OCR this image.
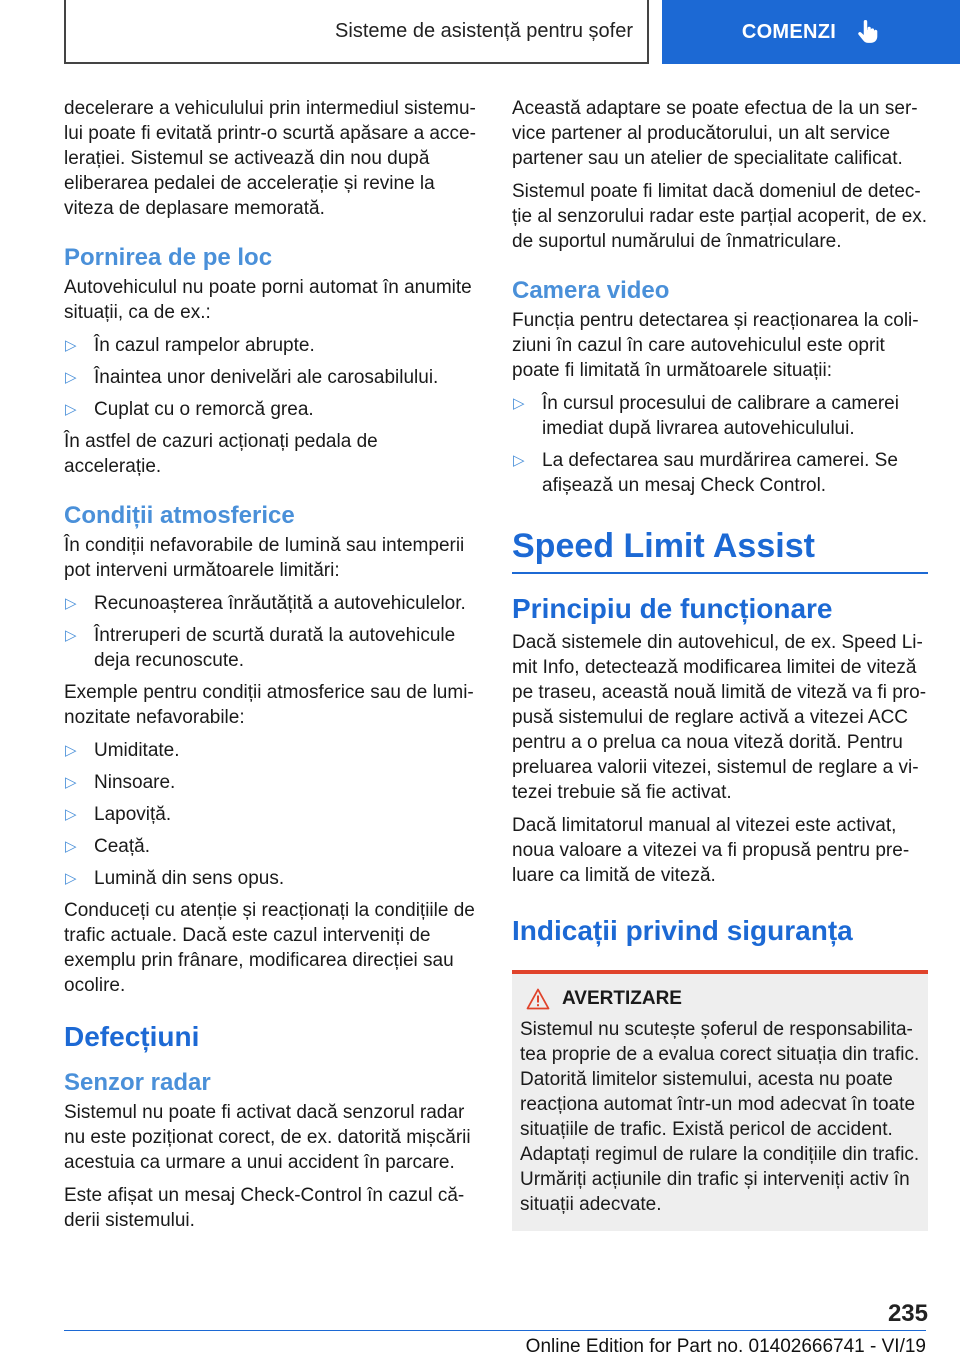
Sisteme de asistență pentru șofer	COMENZI

decelerare a vehiculului prin intermediul sistemului poate fi evitată printr-o scurtă apăsare a accelerației. Sistemul se activează din nou după eliberarea pedalei de accelerație și revine la viteza de deplasare memorată.

Pornirea de pe loc

Autovehiculul nu poate porni automat în anumite situații, ca de ex.:

▷ În cazul rampelor abrupte.
▷ Înaintea unor denivelări ale carosabilului.
▷ Cuplat cu o remorcă grea.

În astfel de cazuri acționați pedala de accelerație.

Condiții atmosferice

În condiții nefavorabile de lumină sau intemperii pot interveni următoarele limitări:

▷ Recunoașterea înrăutățită a autovehiculelor.
▷ Întreruperi de scurtă durată la autovehicule deja recunoscute.

Exemple pentru condiții atmosferice sau de luminozitate nefavorabile:

▷ Umiditate.
▷ Ninsoare.
▷ Lapoviță.
▷ Ceață.
▷ Lumină din sens opus.

Conduceți cu atenție și reacționați la condițiile de trafic actuale. Dacă este cazul interveniți de exemplu prin frânare, modificarea direcției sau ocolire.

Defecțiuni
Senzor radar

Sistemul nu poate fi activat dacă senzorul radar nu este poziționat corect, de ex. datorită mișcării acestuia ca urmare a unui accident în parcare.

Este afișat un mesaj Check-Control în cazul căderii sistemului.

Această adaptare se poate efectua de la un service partener al producătorului, un alt service partener sau un atelier de specialitate calificat.

Sistemul poate fi limitat dacă domeniul de detecție al senzorului radar este parțial acoperit, de ex. de suportul numărului de înmatriculare.

Camera video

Funcția pentru detectarea și reacționarea la coliziuni în cazul în care autovehiculul este oprit poate fi limitată în următoarele situații:

▷ În cursul procesului de calibrare a camerei imediat după livrarea autovehiculului.
▷ La defectarea sau murdărirea camerei. Se afișează un mesaj Check Control.
Speed Limit Assist
Principiu de funcționare

Dacă sistemele din autovehicul, de ex. Speed Limit Info, detectează modificarea limitei de viteză pe traseu, această nouă limită de viteză va fi propusă sistemului de reglare activă a vitezei ACC pentru a o prelua ca noua viteză dorită. Pentru preluarea valorii vitezei, sistemul de reglare a vitezei trebuie să fie activat.

Dacă limitatorul manual al vitezei este activat, noua valoare a vitezei va fi propusă pentru preluare ca limită de viteză.

Indicații privind siguranța
AVERTIZARE

Sistemul nu scutește șoferul de responsabilitatea proprie de a evalua corect situația din trafic. Datorită limitelor sistemului, acesta nu poate reacționa automat într-un mod adecvat în toate situațiile de trafic. Există pericol de accident. Adaptați regimul de rulare la condițiile din trafic. Urmăriți acțiunile din trafic și interveniți activ în situații adecvate.

235
Online Edition for Part no. 01402666741 - VI/19
